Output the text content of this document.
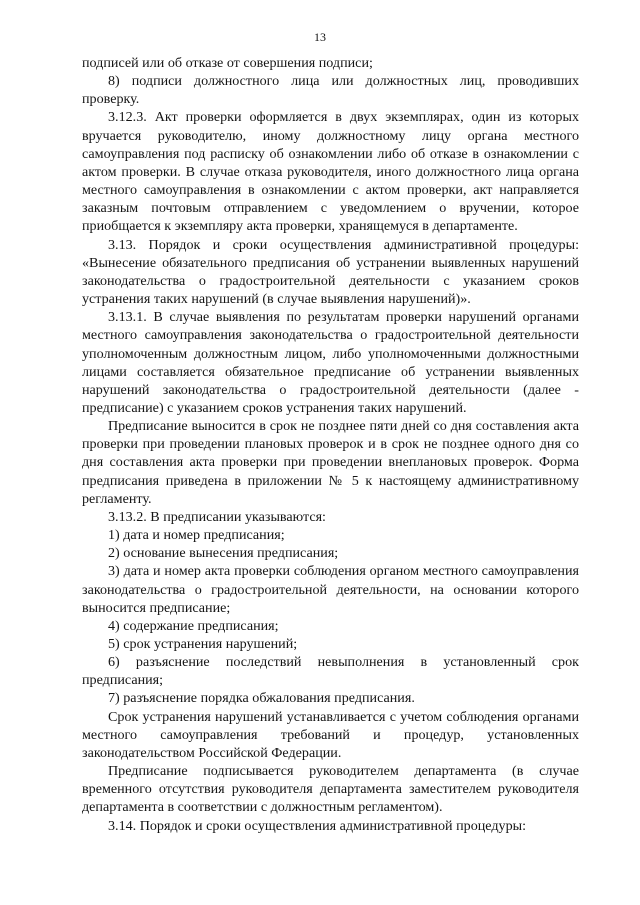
13

подписей или об отказе от совершения подписи;

8) подписи должностного лица или должностных лиц, проводивших проверку.

3.12.3. Акт проверки оформляется в двух экземплярах, один из которых вручается руководителю, иному должностному лицу органа местного самоуправления под расписку об ознакомлении либо об отказе в ознакомлении с актом проверки. В случае отказа руководителя, иного должностного лица органа местного самоуправления в ознакомлении с актом проверки, акт направляется заказным почтовым отправлением с уведомлением о вручении, которое приобщается к экземпляру акта проверки, хранящемуся в департаменте.

3.13. Порядок и сроки осуществления административной процедуры: «Вынесение обязательного предписания об устранении выявленных нарушений законодательства о градостроительной деятельности с указанием сроков устранения таких нарушений (в случае выявления нарушений)».

3.13.1. В случае выявления по результатам проверки нарушений органами местного самоуправления законодательства о градостроительной деятельности уполномоченным должностным лицом, либо уполномоченными должностными лицами составляется обязательное предписание об устранении выявленных нарушений законодательства о градостроительной деятельности (далее - предписание) с указанием сроков устранения таких нарушений.

Предписание выносится в срок не позднее пяти дней со дня составления акта проверки при проведении плановых проверок и в срок не позднее одного дня со дня составления акта проверки при проведении внеплановых проверок. Форма предписания приведена в приложении № 5 к настоящему административному регламенту.

3.13.2. В предписании указываются:

1) дата и номер предписания;

2) основание вынесения предписания;

3) дата и номер акта проверки соблюдения органом местного самоуправления законодательства о градостроительной деятельности, на основании которого выносится предписание;

4) содержание предписания;

5) срок устранения нарушений;

6) разъяснение последствий невыполнения в установленный срок предписания;

7) разъяснение порядка обжалования предписания.

Срок устранения нарушений устанавливается с учетом соблюдения органами местного самоуправления требований и процедур, установленных законодательством Российской Федерации.

Предписание подписывается руководителем департамента (в случае временного отсутствия руководителя департамента заместителем руководителя департамента в соответствии с должностным регламентом).

3.14. Порядок и сроки осуществления административной процедуры:
